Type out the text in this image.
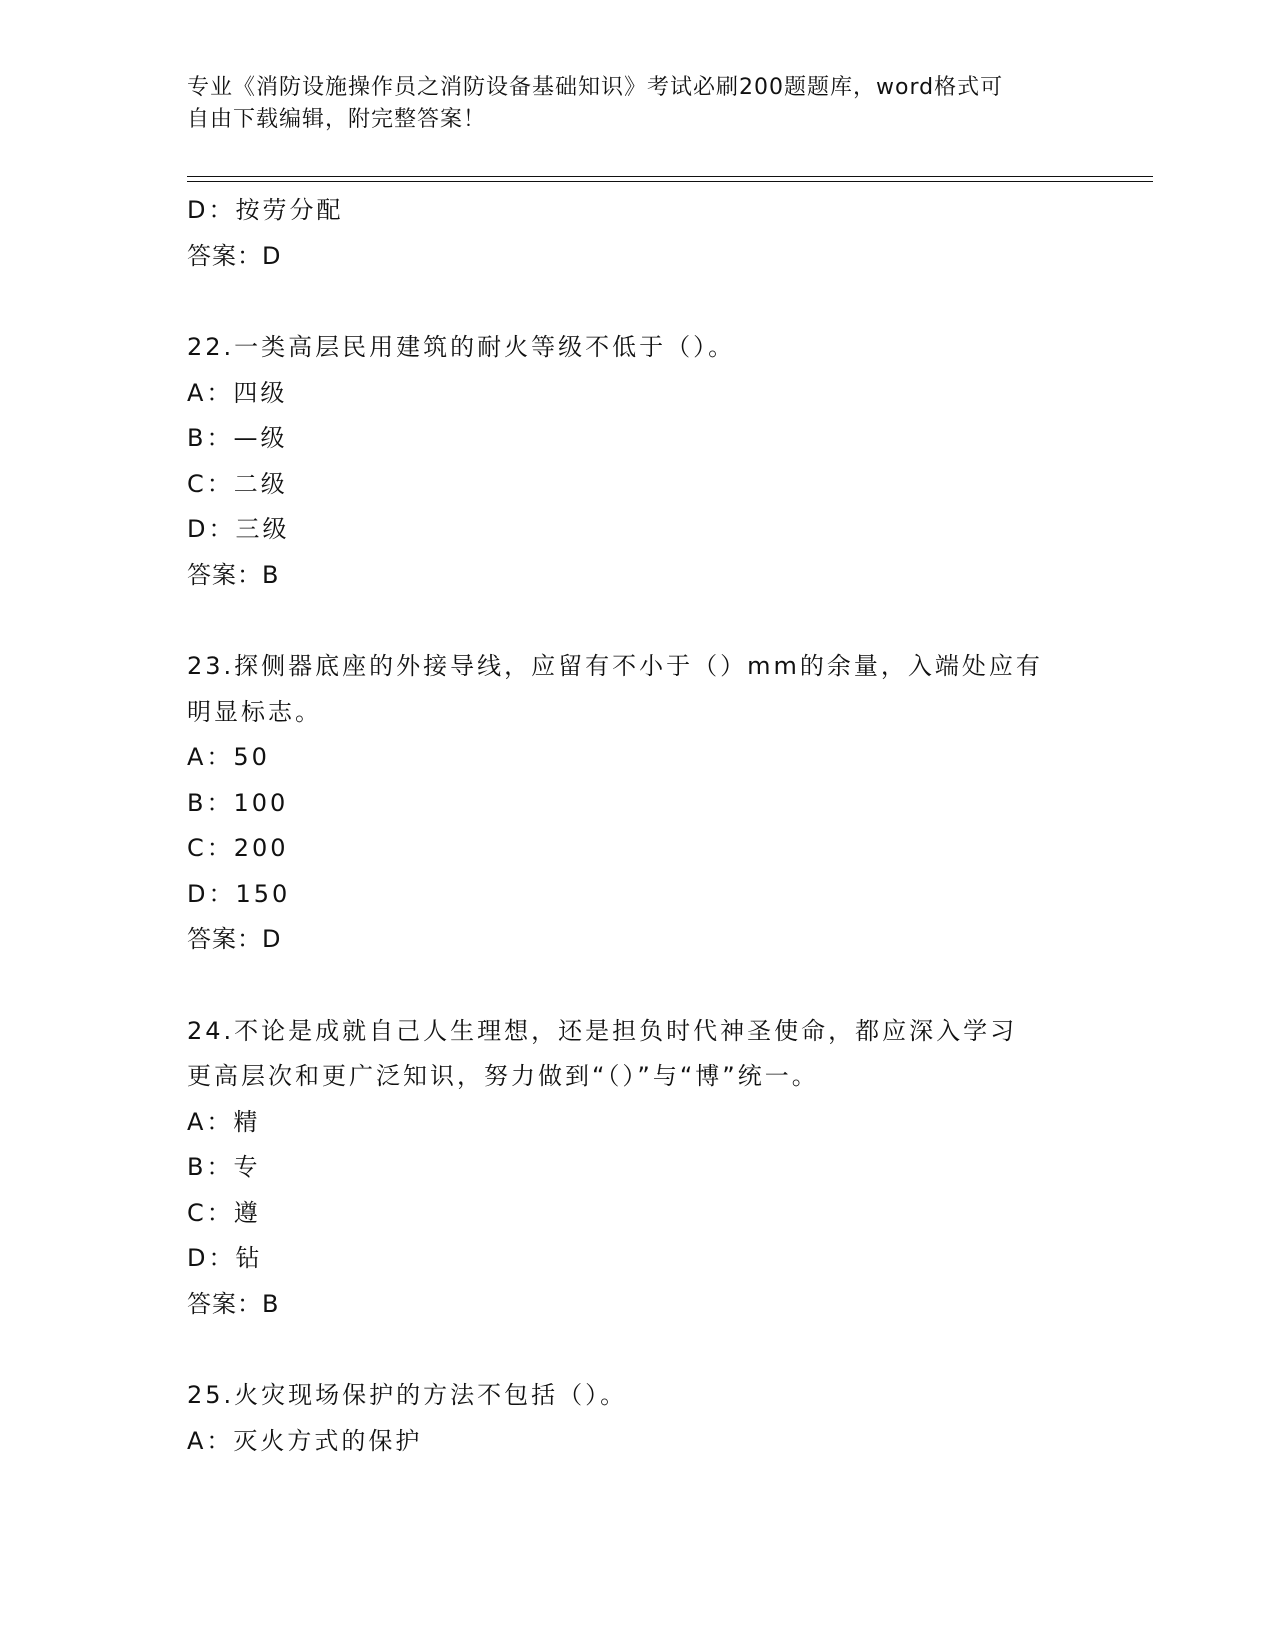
专业《消防设施操作员之消防设备基础知识》考试必刷200题题库，word格式可
自由下载编辑，附完整答案！
D：按劳分配
答案：D
22.一类高层民用建筑的耐火等级不低于（）。
A：四级
B：—级
C：二级
D：三级
答案：B
23.探侧器底座的外接导线，应留有不小于（）mm的余量，入端处应有
明显标志。
A：50
B：100
C：200
D：150
答案：D
24.不论是成就自己人生理想，还是担负时代神圣使命，都应深入学习
更高层次和更广泛知识，努力做到“（）”与“博”统一。
A：精
B：专
C：遵
D：钻
答案：B
25.火灾现场保护的方法不包括（）。
A：灭火方式的保护
